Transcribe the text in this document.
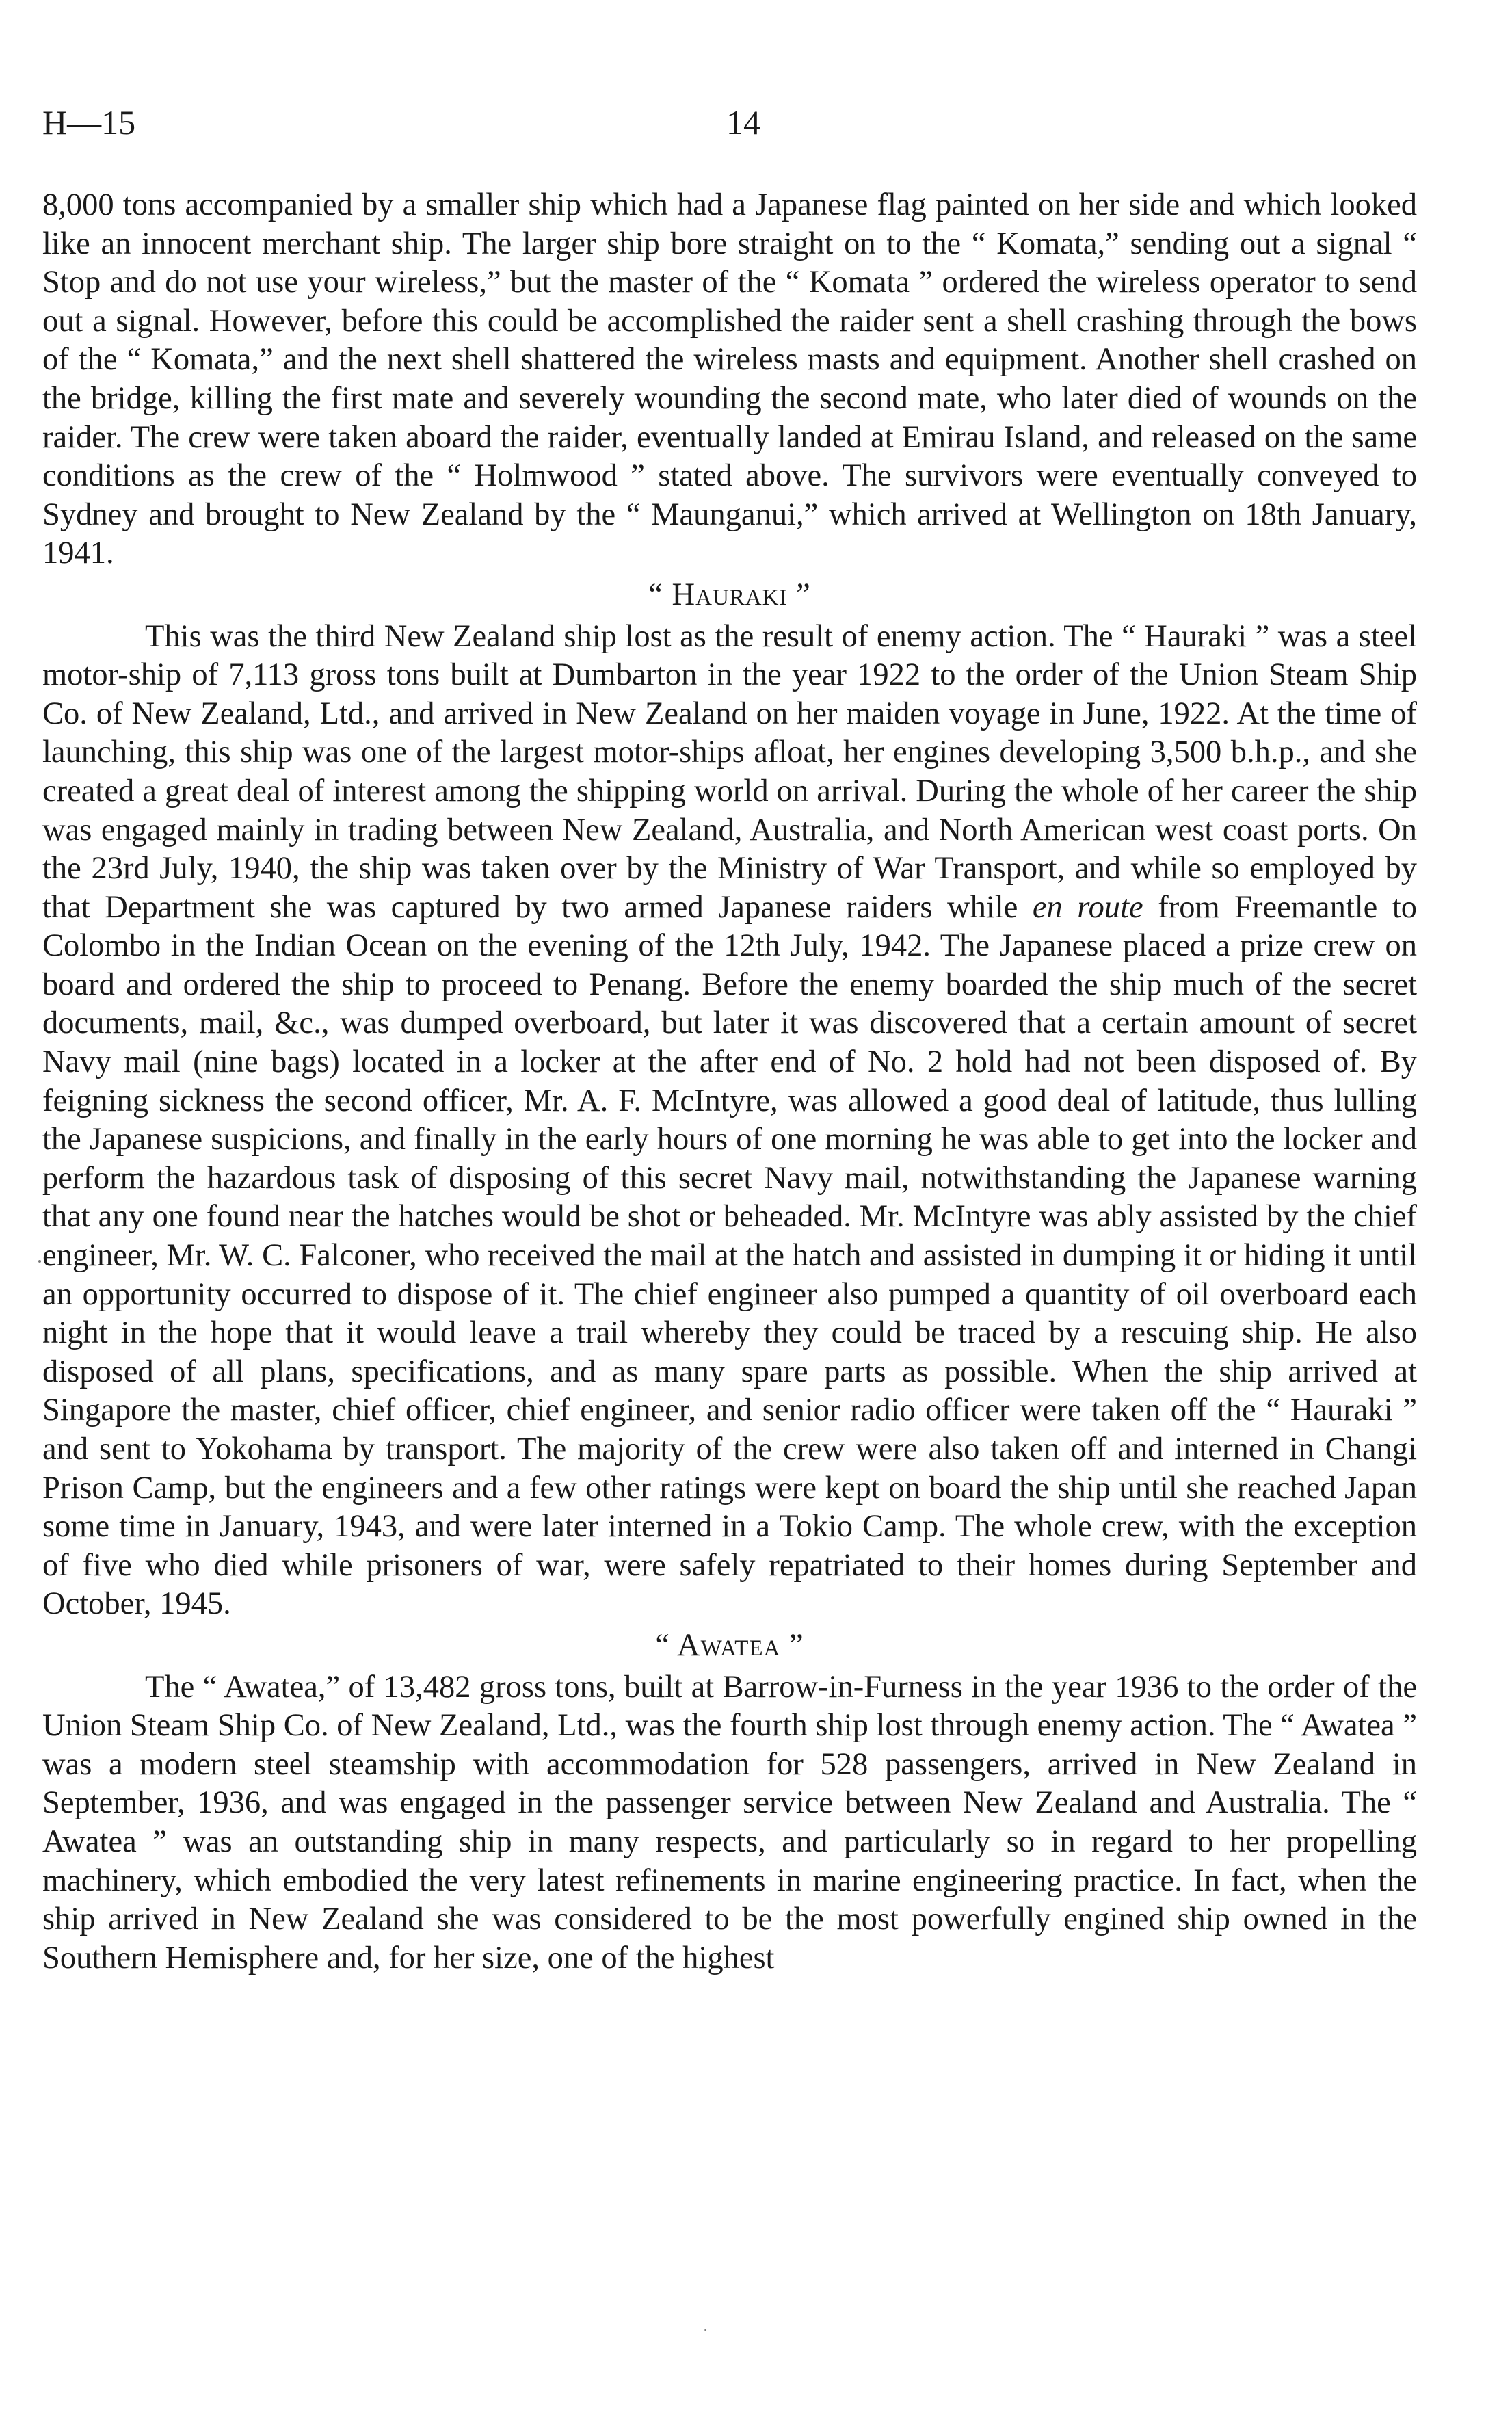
H—15	14

8,000 tons accompanied by a smaller ship which had a Japanese flag painted on her side and which looked like an innocent merchant ship. The larger ship bore straight on to the “ Komata,” sending out a signal “ Stop and do not use your wireless,” but the master of the “ Komata ” ordered the wireless operator to send out a signal. However, before this could be accomplished the raider sent a shell crashing through the bows of the “ Komata,” and the next shell shattered the wireless masts and equipment. Another shell crashed on the bridge, killing the first mate and severely wounding the second mate, who later died of wounds on the raider. The crew were taken aboard the raider, eventually landed at Emirau Island, and released on the same conditions as the crew of the “ Holmwood ” stated above. The survivors were eventually conveyed to Sydney and brought to New Zealand by the “ Maunganui,” which arrived at Wellington on 18th January, 1941.

“ Hauraki ”

This was the third New Zealand ship lost as the result of enemy action. The “ Hauraki ” was a steel motor-ship of 7,113 gross tons built at Dumbarton in the year 1922 to the order of the Union Steam Ship Co. of New Zealand, Ltd., and arrived in New Zealand on her maiden voyage in June, 1922. At the time of launching, this ship was one of the largest motor-ships afloat, her engines developing 3,500 b.h.p., and she created a great deal of interest among the shipping world on arrival. During the whole of her career the ship was engaged mainly in trading between New Zealand, Australia, and North American west coast ports. On the 23rd July, 1940, the ship was taken over by the Ministry of War Transport, and while so employed by that Department she was captured by two armed Japanese raiders while en route from Freemantle to Colombo in the Indian Ocean on the evening of the 12th July, 1942. The Japanese placed a prize crew on board and ordered the ship to proceed to Penang. Before the enemy boarded the ship much of the secret documents, mail, &c., was dumped overboard, but later it was discovered that a certain amount of secret Navy mail (nine bags) located in a locker at the after end of No. 2 hold had not been disposed of. By feigning sickness the second officer, Mr. A. F. McIntyre, was allowed a good deal of latitude, thus lulling the Japanese suspicions, and finally in the early hours of one morning he was able to get into the locker and perform the hazardous task of disposing of this secret Navy mail, notwithstanding the Japanese warning that any one found near the hatches would be shot or beheaded. Mr. McIntyre was ably assisted by the chief engineer, Mr. W. C. Falconer, who received the mail at the hatch and assisted in dumping it or hiding it until an opportunity occurred to dispose of it. The chief engineer also pumped a quantity of oil overboard each night in the hope that it would leave a trail whereby they could be traced by a rescuing ship. He also disposed of all plans, specifications, and as many spare parts as possible. When the ship arrived at Singapore the master, chief officer, chief engineer, and senior radio officer were taken off the “ Hauraki ” and sent to Yokohama by transport. The majority of the crew were also taken off and interned in Changi Prison Camp, but the engineers and a few other ratings were kept on board the ship until she reached Japan some time in January, 1943, and were later interned in a Tokio Camp. The whole crew, with the exception of five who died while prisoners of war, were safely repatriated to their homes during September and October, 1945.

“ Awatea ”

The “ Awatea,” of 13,482 gross tons, built at Barrow-in-Furness in the year 1936 to the order of the Union Steam Ship Co. of New Zealand, Ltd., was the fourth ship lost through enemy action. The “ Awatea ” was a modern steel steamship with accommodation for 528 passengers, arrived in New Zealand in September, 1936, and was engaged in the passenger service between New Zealand and Australia. The “ Awatea ” was an outstanding ship in many respects, and particularly so in regard to her propelling machinery, which embodied the very latest refinements in marine engineering practice. In fact, when the ship arrived in New Zealand she was considered to be the most powerfully engined ship owned in the Southern Hemisphere and, for her size, one of the highest
